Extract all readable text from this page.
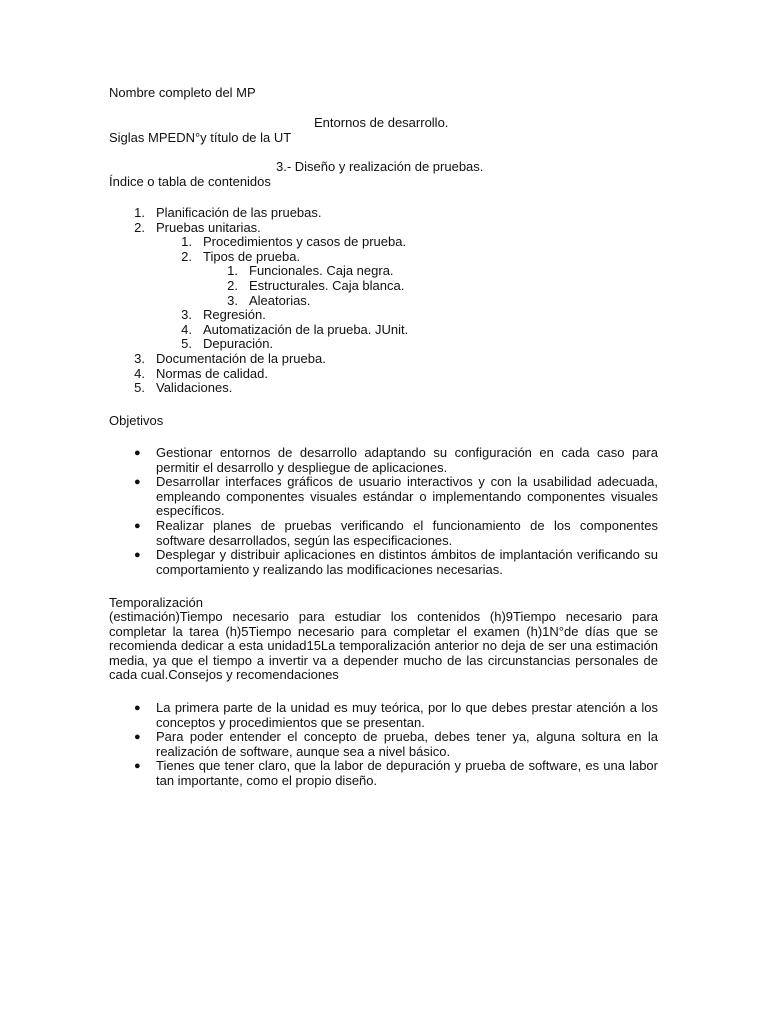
Nombre completo del MP
Entornos de desarrollo.
Siglas MPEDN°y título de la UT
3.- Diseño y realización de pruebas.
Índice o tabla de contenidos
1. Planificación de las pruebas.
2. Pruebas unitarias.
1. Procedimientos y casos de prueba.
2. Tipos de prueba.
1. Funcionales. Caja negra.
2. Estructurales. Caja blanca.
3. Aleatorias.
3. Regresión.
4. Automatización de la prueba. JUnit.
5. Depuración.
3. Documentación de la prueba.
4. Normas de calidad.
5. Validaciones.
Objetivos
● Gestionar entornos de desarrollo adaptando su configuración en cada caso para permitir el desarrollo y despliegue de aplicaciones.
● Desarrollar interfaces gráficos de usuario interactivos y con la usabilidad adecuada, empleando componentes visuales estándar o implementando componentes visuales específicos.
● Realizar planes de pruebas verificando el funcionamiento de los componentes software desarrollados, según las especificaciones.
● Desplegar y distribuir aplicaciones en distintos ámbitos de implantación verificando su comportamiento y realizando las modificaciones necesarias.
Temporalización
(estimación)Tiempo necesario para estudiar los contenidos (h)9Tiempo necesario para completar la tarea (h)5Tiempo necesario para completar el examen (h)1N°de días que se recomienda dedicar a esta unidad15La temporalización anterior no deja de ser una estimación media, ya que el tiempo a invertir va a depender mucho de las circunstancias personales de cada cual.Consejos y recomendaciones
● La primera parte de la unidad es muy teórica, por lo que debes prestar atención a los conceptos y procedimientos que se presentan.
● Para poder entender el concepto de prueba, debes tener ya, alguna soltura en la realización de software, aunque sea a nivel básico.
● Tienes que tener claro, que la labor de depuración y prueba de software, es una labor tan importante, como el propio diseño.
